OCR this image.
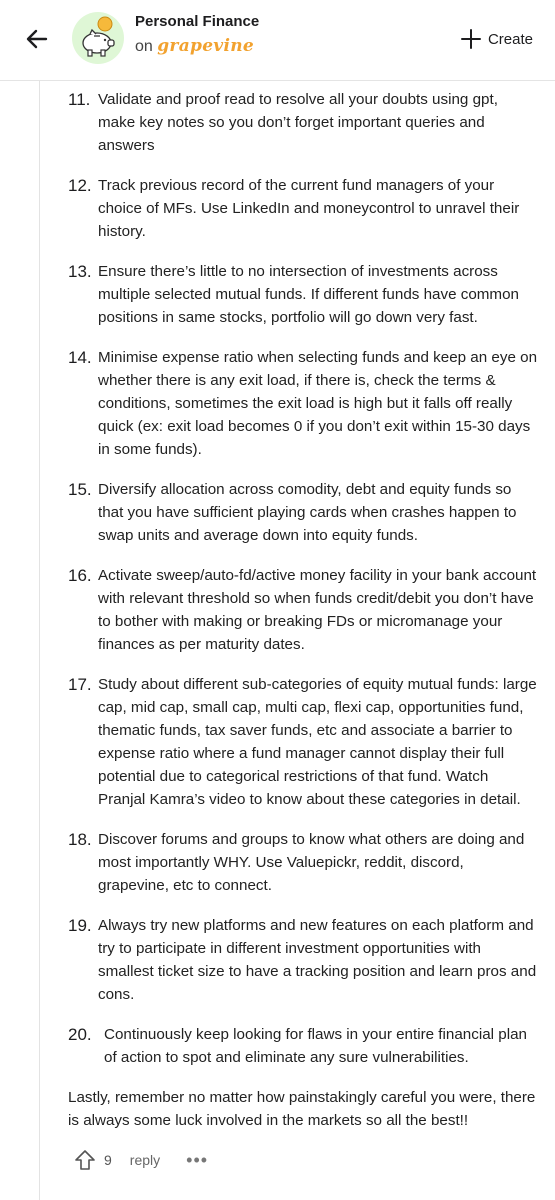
Personal Finance
on grapevine	Create
11. Validate and proof read to resolve all your doubts using gpt, make key notes so you don’t forget important queries and answers
12. Track previous record of the current fund managers of your choice of MFs. Use LinkedIn and moneycontrol to unravel their history.
13. Ensure there’s little to no intersection of investments across multiple selected mutual funds. If different funds have common positions in same stocks, portfolio will go down very fast.
14. Minimise expense ratio when selecting funds and keep an eye on whether there is any exit load, if there is, check the terms & conditions, sometimes the exit load is high but it falls off really quick (ex: exit load becomes 0 if you don’t exit within 15-30 days in some funds).
15. Diversify allocation across comodity, debt and equity funds so that you have sufficient playing cards when crashes happen to swap units and average down into equity funds.
16. Activate sweep/auto-fd/active money facility in your bank account with relevant threshold so when funds credit/debit you don’t have to bother with making or breaking FDs or micromanage your finances as per maturity dates.
17. Study about different sub-categories of equity mutual funds: large cap, mid cap, small cap, multi cap, flexi cap, opportunities fund, thematic funds, tax saver funds, etc and associate a barrier to expense ratio where a fund manager cannot display their full potential due to categorical restrictions of that fund. Watch Pranjal Kamra’s video to know about these categories in detail.
18. Discover forums and groups to know what others are doing and most importantly WHY. Use Valuepickr, reddit, discord, grapevine, etc to connect.
19. Always try new platforms and new features on each platform and try to participate in different investment opportunities with smallest ticket size to have a tracking position and learn pros and cons.
20. Continuously keep looking for flaws in your entire financial plan of action to spot and eliminate any sure vulnerabilities.
Lastly, remember no matter how painstakingly careful you were, there is always some luck involved in the markets so all the best!!
9 reply •••
